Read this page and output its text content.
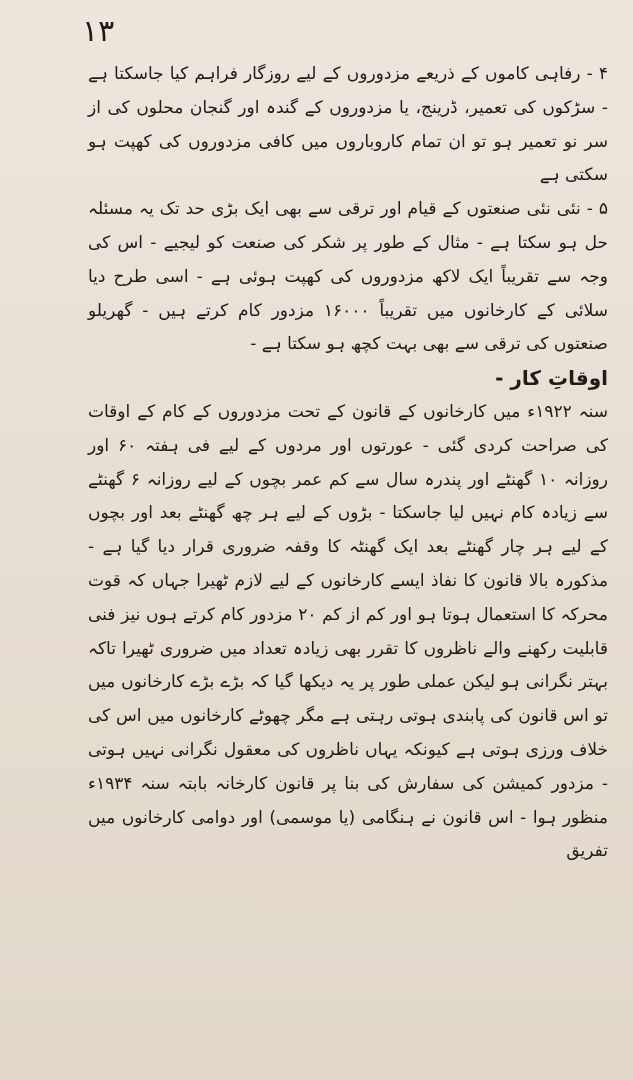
۱۳

۴ - رفاہی کاموں کے ذریعے مزدوروں کے لیے روزگار فراہم کیا جاسکتا ہے - سڑکوں کی تعمیر، ڈرینج، یا مزدوروں کے گندہ اور گنجان محلوں کی از سر نو تعمیر ہو تو ان تمام کاروباروں میں کافی مزدوروں کی کھپت ہو سکتی ہے

۵ - نئی نئی صنعتوں کے قیام اور ترقی سے بھی ایک بڑی حد تک یہ مسئلہ حل ہو سکتا ہے - مثال کے طور پر شکر کی صنعت کو لیجیے - اس کی وجہ سے تقریباً ایک لاکھ مزدوروں کی کھپت ہوئی ہے - اسی طرح دیا سلائی کے کارخانوں میں تقریباً ۱۶۰۰۰ مزدور کام کرتے ہیں - گھریلو صنعتوں کی ترقی سے بھی بہت کچھ ہو سکتا ہے -

اوقاتِ کار -

سنہ ۱۹۲۲ء میں کارخانوں کے قانون کے تحت مزدوروں کے کام کے اوقات کی صراحت کردی گئی - عورتوں اور مردوں کے لیے فی ہفتہ ۶۰ اور روزانہ ۱۰ گھنٹے اور پندرہ سال سے کم عمر بچوں کے لیے روزانہ ۶ گھنٹے سے زیادہ کام نہیں لیا جاسکتا - بڑوں کے لیے ہر چھ گھنٹے بعد اور بچوں کے لیے ہر چار گھنٹے بعد ایک گھنٹہ کا وقفہ ضروری قرار دیا گیا ہے - مذکورہ بالا قانون کا نفاذ ایسے کارخانوں کے لیے لازم ٹھیرا جہاں کہ قوت محرکہ کا استعمال ہوتا ہو اور کم از کم ۲۰ مزدور کام کرتے ہوں نیز فنی قابلیت رکھنے والے ناظروں کا تقرر بھی زیادہ تعداد میں ضروری ٹھیرا تاکہ بہتر نگرانی ہو لیکن عملی طور پر یہ دیکھا گیا کہ بڑے بڑے کارخانوں میں تو اس قانون کی پابندی ہوتی رہتی ہے مگر چھوٹے کارخانوں میں اس کی خلاف ورزی ہوتی ہے کیونکہ یہاں ناظروں کی معقول نگرانی نہیں ہوتی - مزدور کمیشن کی سفارش کی بنا پر قانون کارخانہ بابتہ سنہ ۱۹۳۴ء منظور ہوا - اس قانون نے ہنگامی (یا موسمی) اور دوامی کارخانوں میں تفریق
